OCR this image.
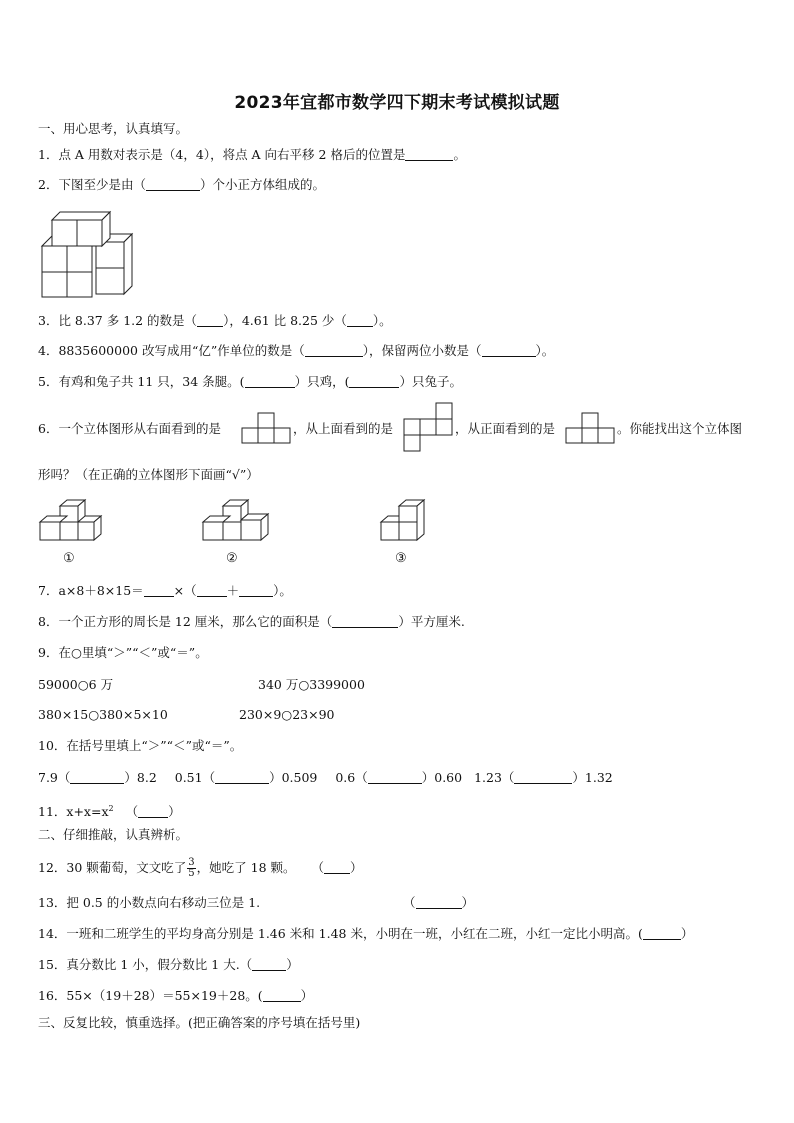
2023年宜都市数学四下期末考试模拟试题
一、用心思考，认真填写。
1．点 A 用数对表示是（4，4），将点 A 向右平移 2 格后的位置是	。
2．下图至少是由（	）个小正方体组成的。
3．比 8.37 多 1.2 的数是（ ），4.61 比 8.25 少（ ）。
4．8835600000 改写成用“亿”作单位的数是（	），保留两位小数是（	）。
5．有鸡和兔子共 11 只，34 条腿。(	）只鸡，(	）只兔子。
6．一个立体图形从右面看到的是	，从上面看到的是	，从正面看到的是	。你能找出这个立体图
形吗？（在正确的立体图形下面画“√”）
①	②	③
7．a×8＋8×15＝ ×（ ＋	）。
8．一个正方形的周长是 12 厘米，那么它的面积是（	）平方厘米.
9．在○里填“＞”“＜”或“＝”。
59000○6 万	340 万○3399000
380×15○380×5×10	230×9○23×90
10．在括号里填上“＞”“＜”或“＝”。
7.9（	）8.2 0.51（	）0.509 0.6（	）0.60 1.23（	）1.32
11．$x+x=x^2$ （ ）
二、仔细推敲，认真辨析。
12．30 颗葡萄，文文吃了 $\frac{3}{5}$ ，她吃了 18 颗。 （ ）
13．把 0.5 的小数点向右移动三位是 1.	（	）
14．一班和二班学生的平均身高分别是 1.46 米和 1.48 米，小明在一班，小红在二班，小红一定比小明高。(	）
15．真分数比 1 小，假分数比 1 大.（	）
16．55×（19＋28）＝55×19＋28。(	）
三、反复比较，慎重选择。(把正确答案的序号填在括号里)
